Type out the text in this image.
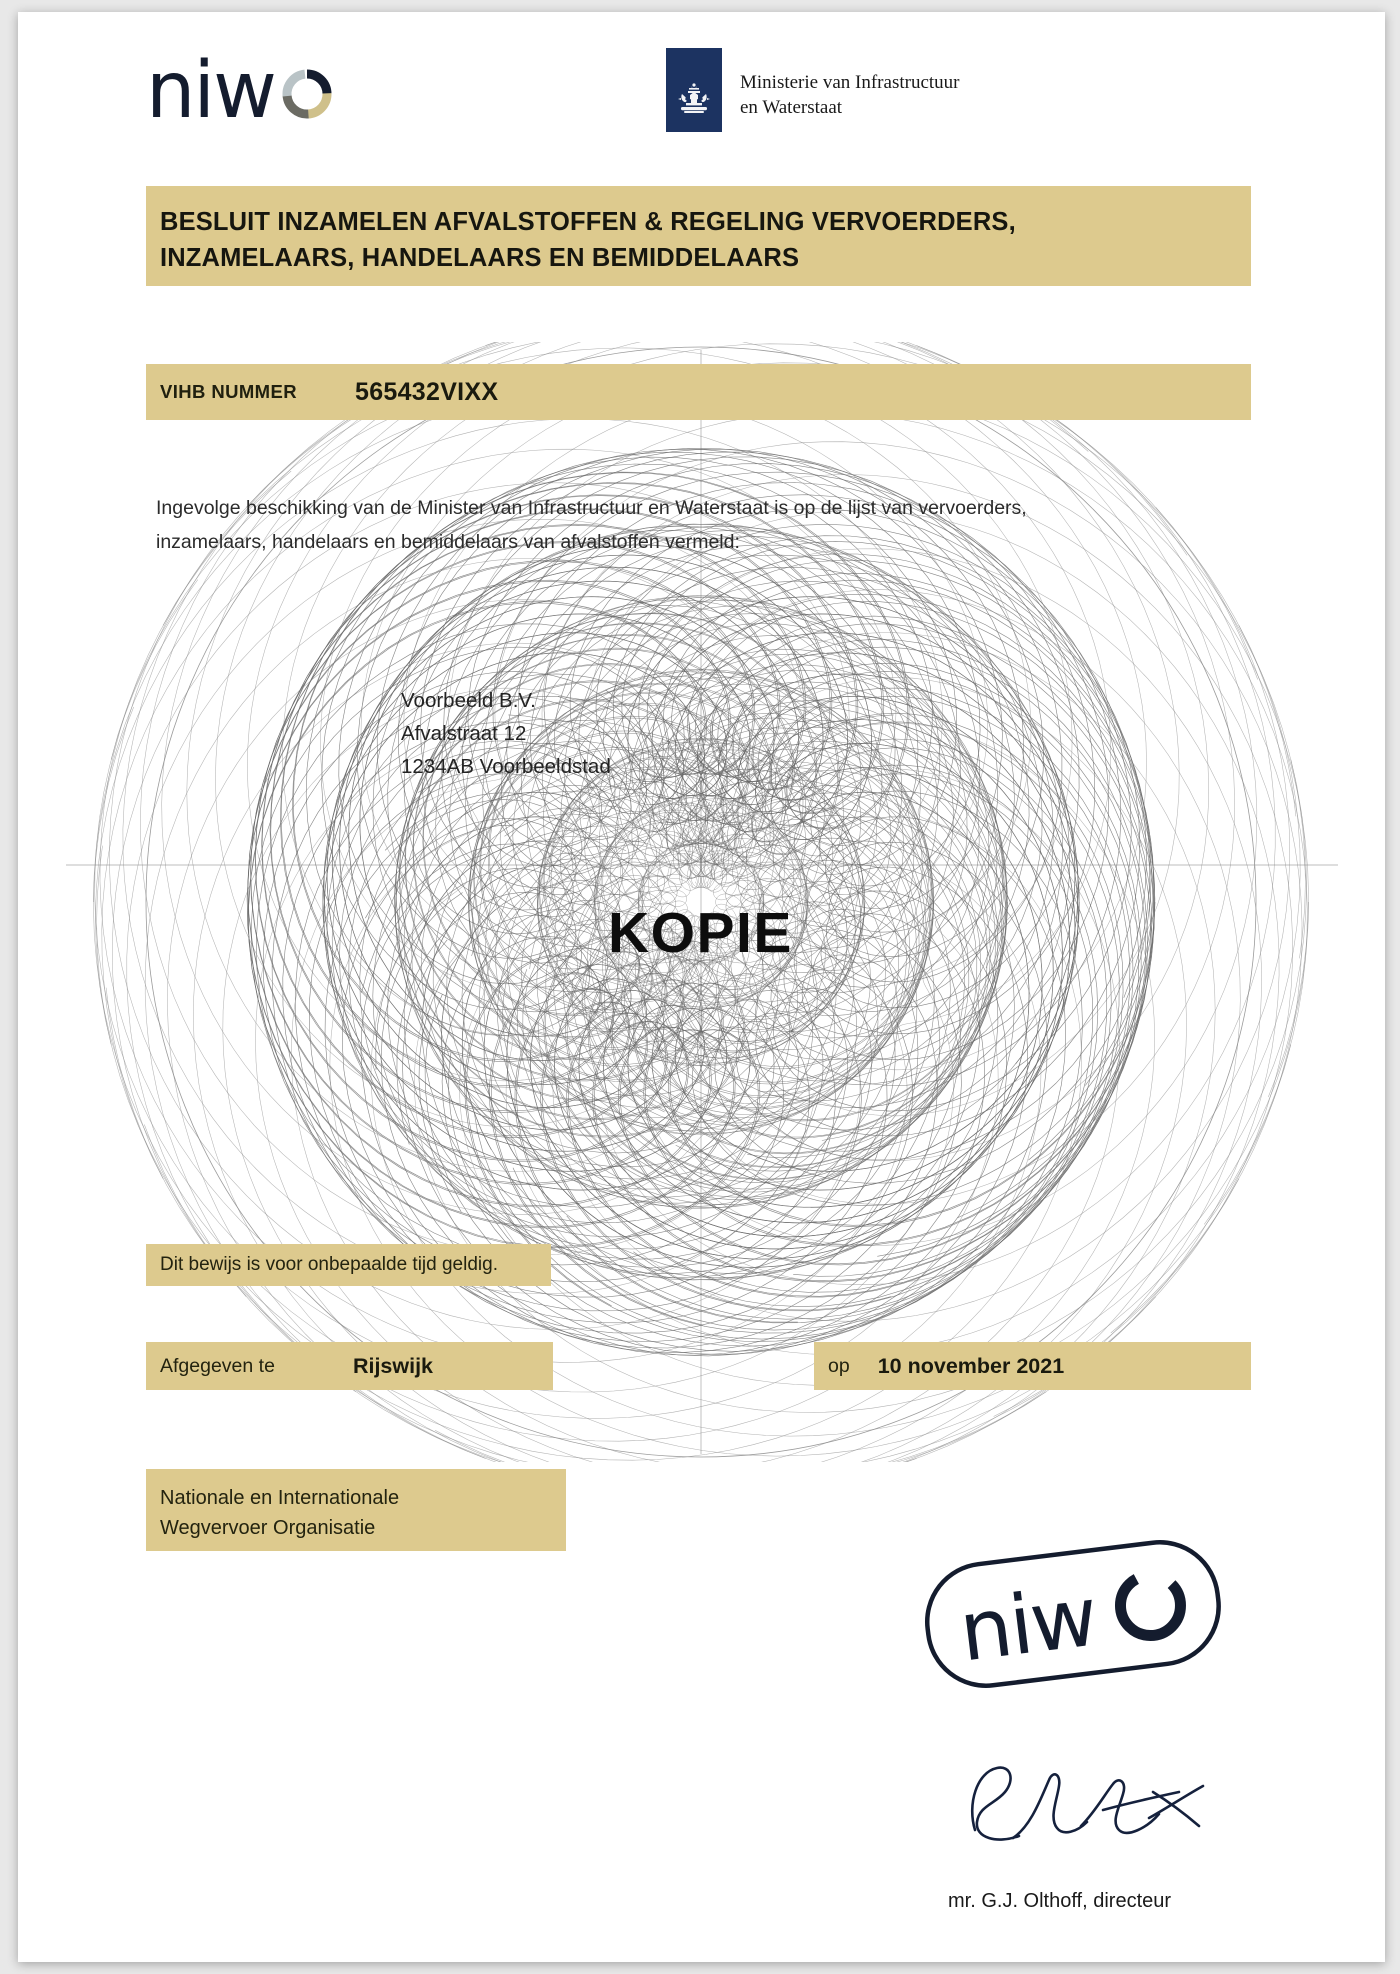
niw	Ministerie van Infrastructuur
en Waterstaat
BESLUIT INZAMELEN AFVALSTOFFEN & REGELING VERVOERDERS,
INZAMELAARS, HANDELAARS EN BEMIDDELAARS
VIHB NUMMER 565432VIXX

Ingevolge beschikking van de Minister van Infrastructuur en Waterstaat is op de lijst van vervoerders,

inzamelaars, handelaars en bemiddelaars van afvalstoffen vermeld:

Voorbeeld B.V.
Afvalstraat 12
1234AB Voorbeeldstad
KOPIE
Dit bewijs is voor onbepaalde tijd geldig.
Afgegeven te	Rijswijk	op 10 november 2021
Nationale en Internationale
Wegvervoer Organisatie
niw
mr. G.J. Olthoff, directeur
